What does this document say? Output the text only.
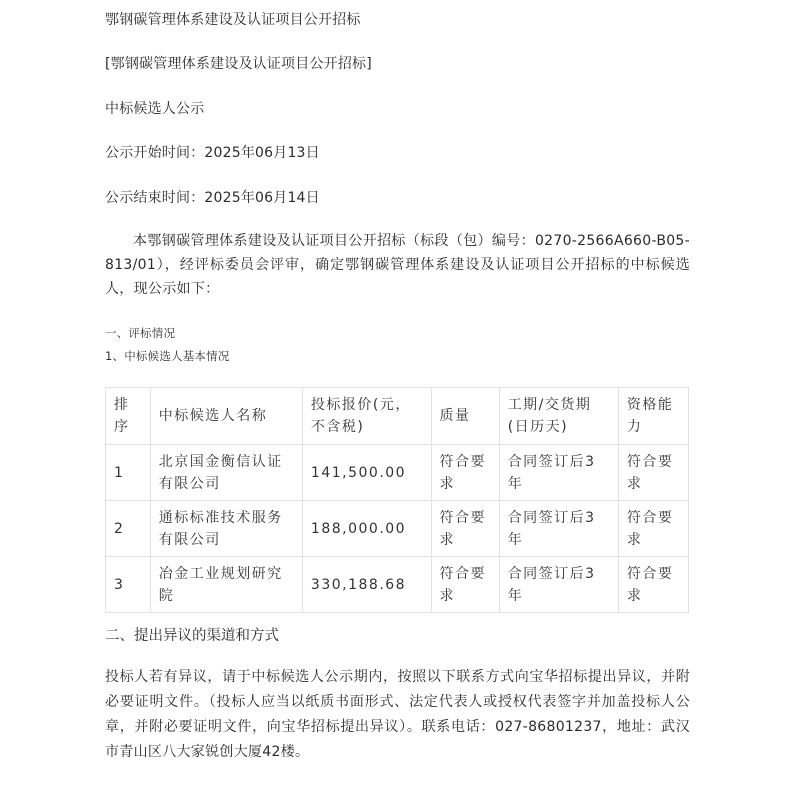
鄂钢碳管理体系建设及认证项目公开招标
[鄂钢碳管理体系建设及认证项目公开招标]
中标候选人公示
公示开始时间：2025年06月13日
公示结束时间：2025年06月14日
本鄂钢碳管理体系建设及认证项目公开招标（标段（包）编号：0270-2566A660-B05-813/01），经评标委员会评审，确定鄂钢碳管理体系建设及认证项目公开招标的中标候选人，现公示如下：
一、评标情况
1、中标候选人基本情况
排序	中标候选人名称	投标报价(元，不含税)	质量	工期/交货期(日历天)	资格能力
1	北京国金衡信认证有限公司	141,500.00	符合要求	合同签订后3年	符合要求
2	通标标准技术服务有限公司	188,000.00	符合要求	合同签订后3年	符合要求
3	冶金工业规划研究院	330,188.68	符合要求	合同签订后3年	符合要求
二、提出异议的渠道和方式
投标人若有异议，请于中标候选人公示期内，按照以下联系方式向宝华招标提出异议，并附必要证明文件。（投标人应当以纸质书面形式、法定代表人或授权代表签字并加盖投标人公章，并附必要证明文件，向宝华招标提出异议）。联系电话：027-86801237，地址：武汉市青山区八大家锐创大厦42楼。
